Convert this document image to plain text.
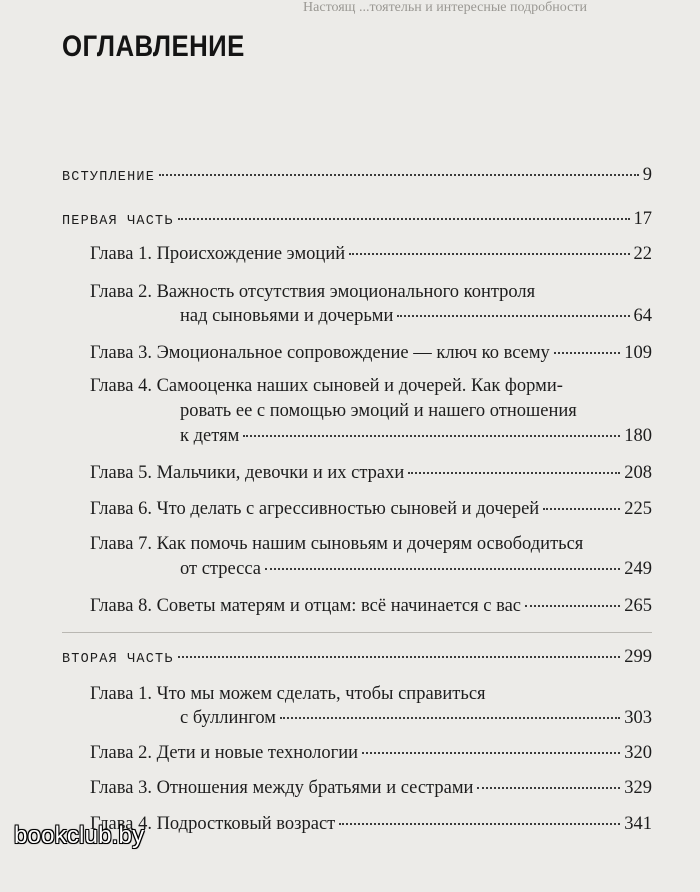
Настоящ ...тоятельн и интересные подробности
ОГЛАВЛЕНИЕ
ВСТУПЛЕНИЕ	9
ПЕРВАЯ ЧАСТЬ	17
Глава 1. Происхождение эмоций	22
Глава 2. Важность отсутствия эмоционального контроля
над сыновьями и дочерьми	64
Глава 3. Эмоциональное сопровождение — ключ ко всему	109
Глава 4. Самооценка наших сыновей и дочерей. Как форми-
ровать ее с помощью эмоций и нашего отношения
к детям	180
Глава 5. Мальчики, девочки и их страхи	208
Глава 6. Что делать с агрессивностью сыновей и дочерей	225
Глава 7. Как помочь нашим сыновьям и дочерям освободиться
от стресса	249
Глава 8. Советы матерям и отцам: всё начинается с вас	265
ВТОРАЯ ЧАСТЬ	299
Глава 1. Что мы можем сделать, чтобы справиться
с буллингом	303
Глава 2. Дети и новые технологии	320
Глава 3. Отношения между братьями и сестрами	329
Глава 4. Подростковый возраст	341
bookclub.by
